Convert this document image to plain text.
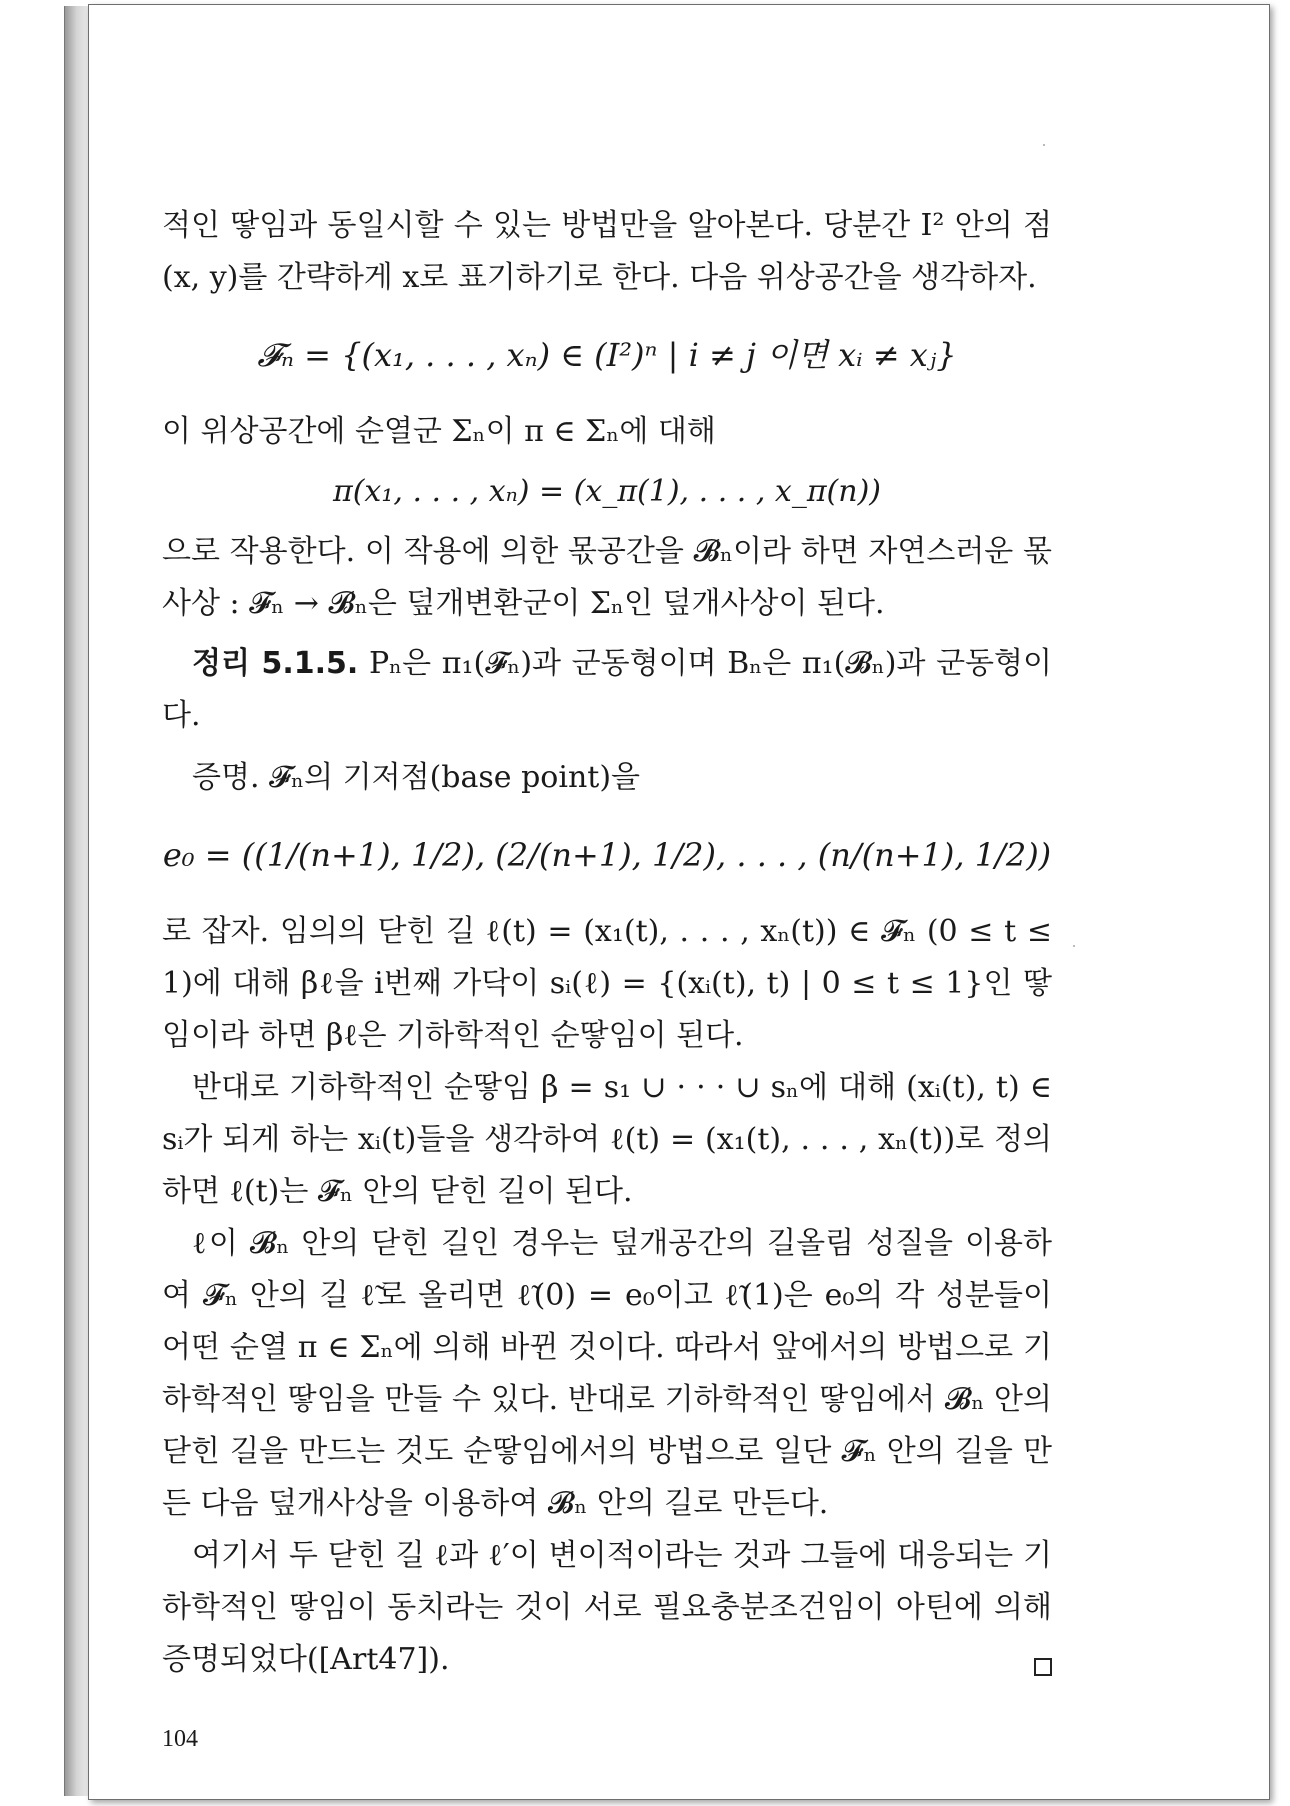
적인 땋임과 동일시할 수 있는 방법만을 알아본다. 당분간 I² 안의 점 (x, y)를 간략하게 x로 표기하기로 한다. 다음 위상공간을 생각하자.

𝓕ₙ = {(x₁, . . . , xₙ) ∈ (I²)ⁿ | i ≠ j 이면 xᵢ ≠ xⱼ}

이 위상공간에 순열군 Σₙ이 π ∈ Σₙ에 대해

π(x₁, . . . , xₙ) = (x_π(1), . . . , x_π(n))

으로 작용한다. 이 작용에 의한 몫공간을 𝓑ₙ이라 하면 자연스러운 몫사상 : 𝓕ₙ → 𝓑ₙ은 덮개변환군이 Σₙ인 덮개사상이 된다.

정리 5.1.5. Pₙ은 π₁(𝓕ₙ)과 군동형이며 Bₙ은 π₁(𝓑ₙ)과 군동형이다.

증명. 𝓕ₙ의 기저점(base point)을

e₀ = ((1/(n+1), 1/2), (2/(n+1), 1/2), . . . , (n/(n+1), 1/2))

로 잡자. 임의의 닫힌 길 ℓ(t) = (x₁(t), . . . , xₙ(t)) ∈ 𝓕ₙ (0 ≤ t ≤ 1)에 대해 βℓ을 i번째 가닥이 sᵢ(ℓ) = {(xᵢ(t), t) | 0 ≤ t ≤ 1}인 땋임이라 하면 βℓ은 기하학적인 순땋임이 된다.

반대로 기하학적인 순땋임 β = s₁ ∪ · · · ∪ sₙ에 대해 (xᵢ(t), t) ∈ sᵢ가 되게 하는 xᵢ(t)들을 생각하여 ℓ(t) = (x₁(t), . . . , xₙ(t))로 정의하면 ℓ(t)는 𝓕ₙ 안의 닫힌 길이 된다.

ℓ이 𝓑ₙ 안의 닫힌 길인 경우는 덮개공간의 길올림 성질을 이용하여 𝓕ₙ 안의 길 ℓ̃로 올리면 ℓ̃(0) = e₀이고 ℓ̃(1)은 e₀의 각 성분들이 어떤 순열 π ∈ Σₙ에 의해 바뀐 것이다. 따라서 앞에서의 방법으로 기하학적인 땋임을 만들 수 있다. 반대로 기하학적인 땋임에서 𝓑ₙ 안의 닫힌 길을 만드는 것도 순땋임에서의 방법으로 일단 𝓕ₙ 안의 길을 만든 다음 덮개사상을 이용하여 𝓑ₙ 안의 길로 만든다.

여기서 두 닫힌 길 ℓ과 ℓ′이 변이적이라는 것과 그들에 대응되는 기하학적인 땋임이 동치라는 것이 서로 필요충분조건임이 아틴에 의해 증명되었다([Art47]).

104
